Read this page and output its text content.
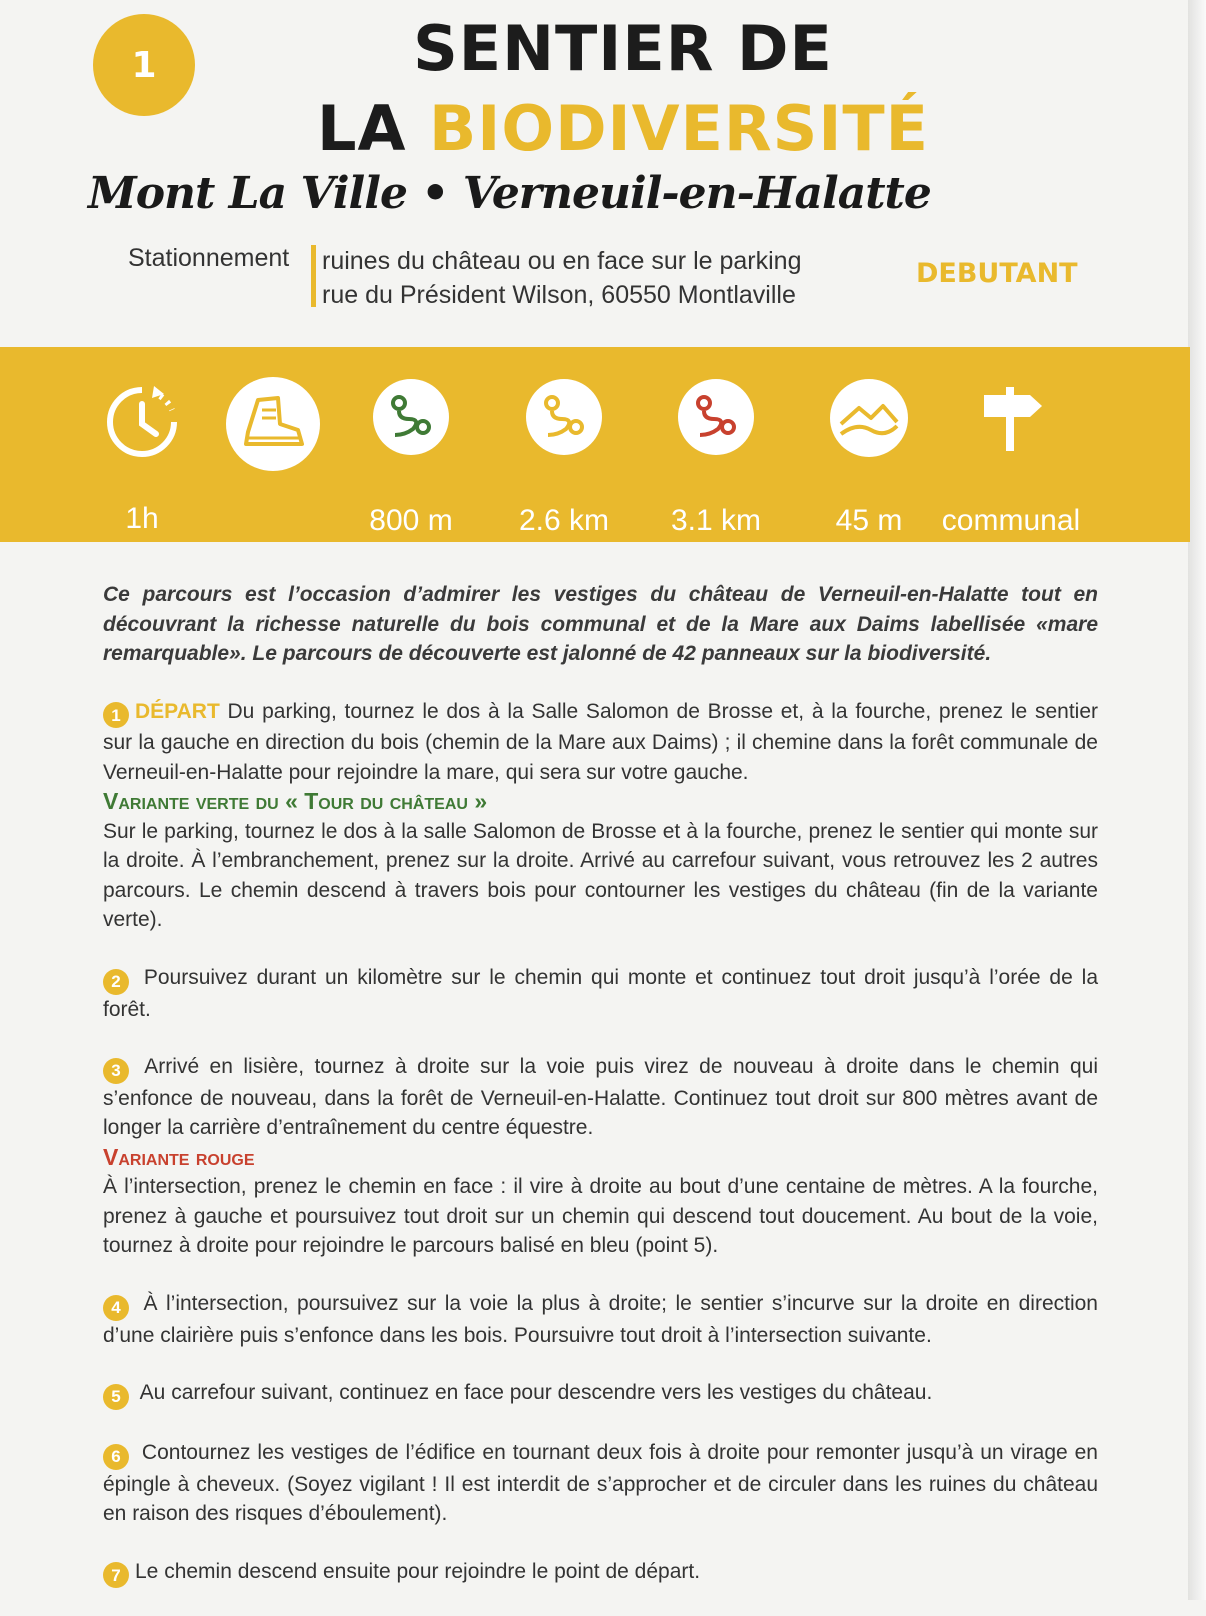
1	SENTIER DE
LA BIODIVERSITÉ
Mont La Ville • Verneuil-en-Halatte
Stationnement ruines du château ou en face sur le parking
rue du Président Wilson, 60550 Montlaville
DEBUTANT
1h	800 m 2.6 km 3.1 km 45 m communal

Ce parcours est l’occasion d’admirer les vestiges du château de Verneuil-en-Halatte tout en découvrant la richesse naturelle du bois communal et de la Mare aux Daims labellisée «mare remarquable». Le parcours de découverte est jalonné de 42 panneaux sur la biodiversité.

1 DÉPART Du parking, tournez le dos à la Salle Salomon de Brosse et, à la fourche, prenez le sentier sur la gauche en direction du bois (chemin de la Mare aux Daims) ; il chemine dans la forêt communale de Verneuil-en-Halatte pour rejoindre la mare, qui sera sur votre gauche.
Variante verte du « Tour du château »
Sur le parking, tournez le dos à la salle Salomon de Brosse et à la fourche, prenez le sentier qui monte sur la droite. À l’embranchement, prenez sur la droite. Arrivé au carrefour suivant, vous retrouvez les 2 autres parcours. Le chemin descend à travers bois pour contourner les vestiges du château (fin de la variante verte).
2 Poursuivez durant un kilomètre sur le chemin qui monte et continuez tout droit jusqu’à l’orée de la forêt.
3 Arrivé en lisière, tournez à droite sur la voie puis virez de nouveau à droite dans le chemin qui s’enfonce de nouveau, dans la forêt de Verneuil-en-Halatte. Continuez tout droit sur 800 mètres avant de longer la carrière d’entraînement du centre équestre.
Variante rouge
À l’intersection, prenez le chemin en face : il vire à droite au bout d’une centaine de mètres. A la fourche, prenez à gauche et poursuivez tout droit sur un chemin qui descend tout doucement. Au bout de la voie, tournez à droite pour rejoindre le parcours balisé en bleu (point 5).
4 À l’intersection, poursuivez sur la voie la plus à droite; le sentier s’incurve sur la droite en direction d’une clairière puis s’enfonce dans les bois. Poursuivre tout droit à l’intersection suivante.
5 Au carrefour suivant, continuez en face pour descendre vers les vestiges du château.
6 Contournez les vestiges de l’édifice en tournant deux fois à droite pour remonter jusqu’à un virage en épingle à cheveux. (Soyez vigilant ! Il est interdit de s’approcher et de circuler dans les ruines du château en raison des risques d’éboulement).
7 Le chemin descend ensuite pour rejoindre le point de départ.
